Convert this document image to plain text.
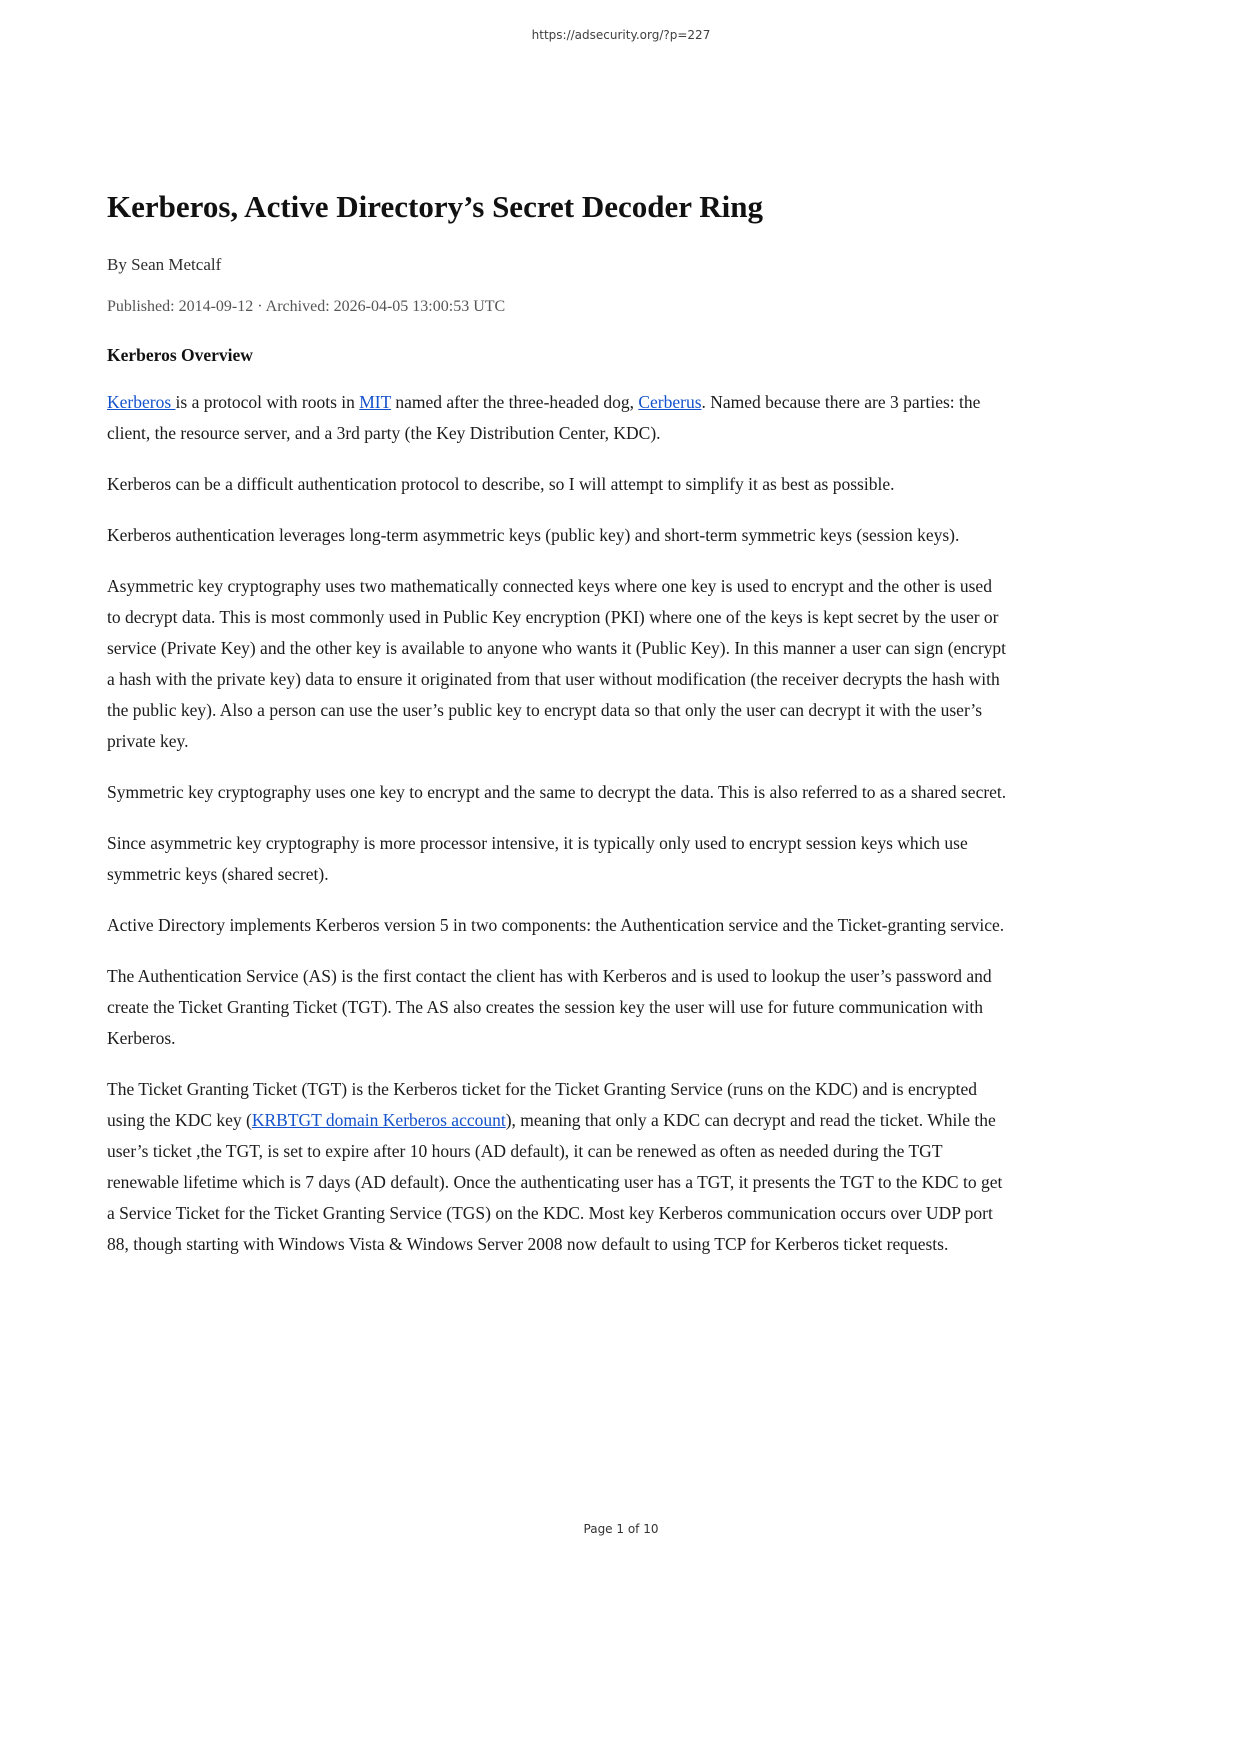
https://adsecurity.org/?p=227
Kerberos, Active Directory’s Secret Decoder Ring

By Sean Metcalf

Published: 2014-09-12 · Archived: 2026-04-05 13:00:53 UTC

Kerberos Overview

Kerberos is a protocol with roots in MIT named after the three-headed dog, Cerberus. Named because there are 3 parties: the client, the resource server, and a 3rd party (the Key Distribution Center, KDC).

Kerberos can be a difficult authentication protocol to describe, so I will attempt to simplify it as best as possible.

Kerberos authentication leverages long-term asymmetric keys (public key) and short-term symmetric keys (session keys).

Asymmetric key cryptography uses two mathematically connected keys where one key is used to encrypt and the other is used to decrypt data. This is most commonly used in Public Key encryption (PKI) where one of the keys is kept secret by the user or service (Private Key) and the other key is available to anyone who wants it (Public Key). In this manner a user can sign (encrypt a hash with the private key) data to ensure it originated from that user without modification (the receiver decrypts the hash with the public key). Also a person can use the user’s public key to encrypt data so that only the user can decrypt it with the user’s private key.

Symmetric key cryptography uses one key to encrypt and the same to decrypt the data. This is also referred to as a shared secret.

Since asymmetric key cryptography is more processor intensive, it is typically only used to encrypt session keys which use symmetric keys (shared secret).

Active Directory implements Kerberos version 5 in two components: the Authentication service and the Ticket-granting service.

The Authentication Service (AS) is the first contact the client has with Kerberos and is used to lookup the user’s password and create the Ticket Granting Ticket (TGT). The AS also creates the session key the user will use for future communication with Kerberos.

The Ticket Granting Ticket (TGT) is the Kerberos ticket for the Ticket Granting Service (runs on the KDC) and is encrypted using the KDC key (KRBTGT domain Kerberos account), meaning that only a KDC can decrypt and read the ticket. While the user’s ticket ,the TGT, is set to expire after 10 hours (AD default), it can be renewed as often as needed during the TGT renewable lifetime which is 7 days (AD default). Once the authenticating user has a TGT, it presents the TGT to the KDC to get a Service Ticket for the Ticket Granting Service (TGS) on the KDC. Most key Kerberos communication occurs over UDP port 88, though starting with Windows Vista & Windows Server 2008 now default to using TCP for Kerberos ticket requests.

Page 1 of 10
